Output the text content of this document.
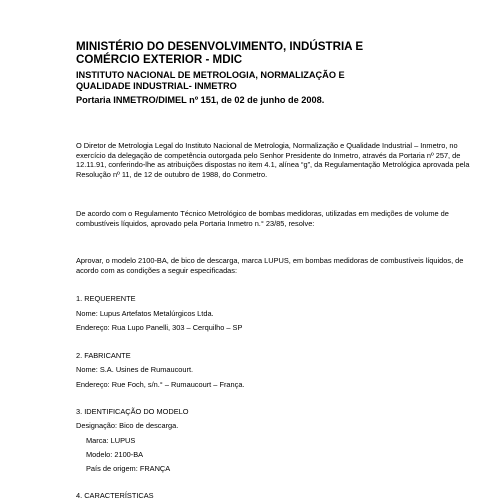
MINISTÉRIO DO DESENVOLVIMENTO, INDÚSTRIA E
COMÉRCIO EXTERIOR - MDIC

INSTITUTO NACIONAL DE METROLOGIA, NORMALIZAÇÃO E
QUALIDADE INDUSTRIAL- INMETRO

Portaria INMETRO/DIMEL nº 151, de 02 de junho de 2008.

O Diretor de Metrologia Legal do Instituto Nacional de Metrologia, Normalização e Qualidade Industrial – Inmetro, no exercício da delegação de competência outorgada pelo Senhor Presidente do Inmetro, através da Portaria nº 257, de 12.11.91, conferindo-lhe as atribuições dispostas no item 4.1, alínea “g”, da Regulamentação Metrológica aprovada pela Resolução nº 11, de 12 de outubro de 1988, do Conmetro.

De acordo com o Regulamento Técnico Metrológico de bombas medidoras, utilizadas em medições de volume de combustíveis líquidos, aprovado pela Portaria Inmetro n.° 23/85, resolve:

Aprovar, o modelo 2100-BA, de bico de descarga, marca LUPUS, em bombas medidoras de combustíveis líquidos, de acordo com as condições a seguir especificadas:

1. REQUERENTE
Nome: Lupus Artefatos Metalúrgicos Ltda.
Endereço: Rua Lupo Panelli, 303 – Cerquilho – SP
2. FABRICANTE
Nome: S.A. Usines de Rumaucourt.
Endereço: Rue Foch, s/n.° – Rumaucourt – França.
3. IDENTIFICAÇÃO DO MODELO
Designação: Bico de descarga.
Marca: LUPUS
Modelo: 2100-BA
País de origem: FRANÇA
4. CARACTERÍSTICAS
